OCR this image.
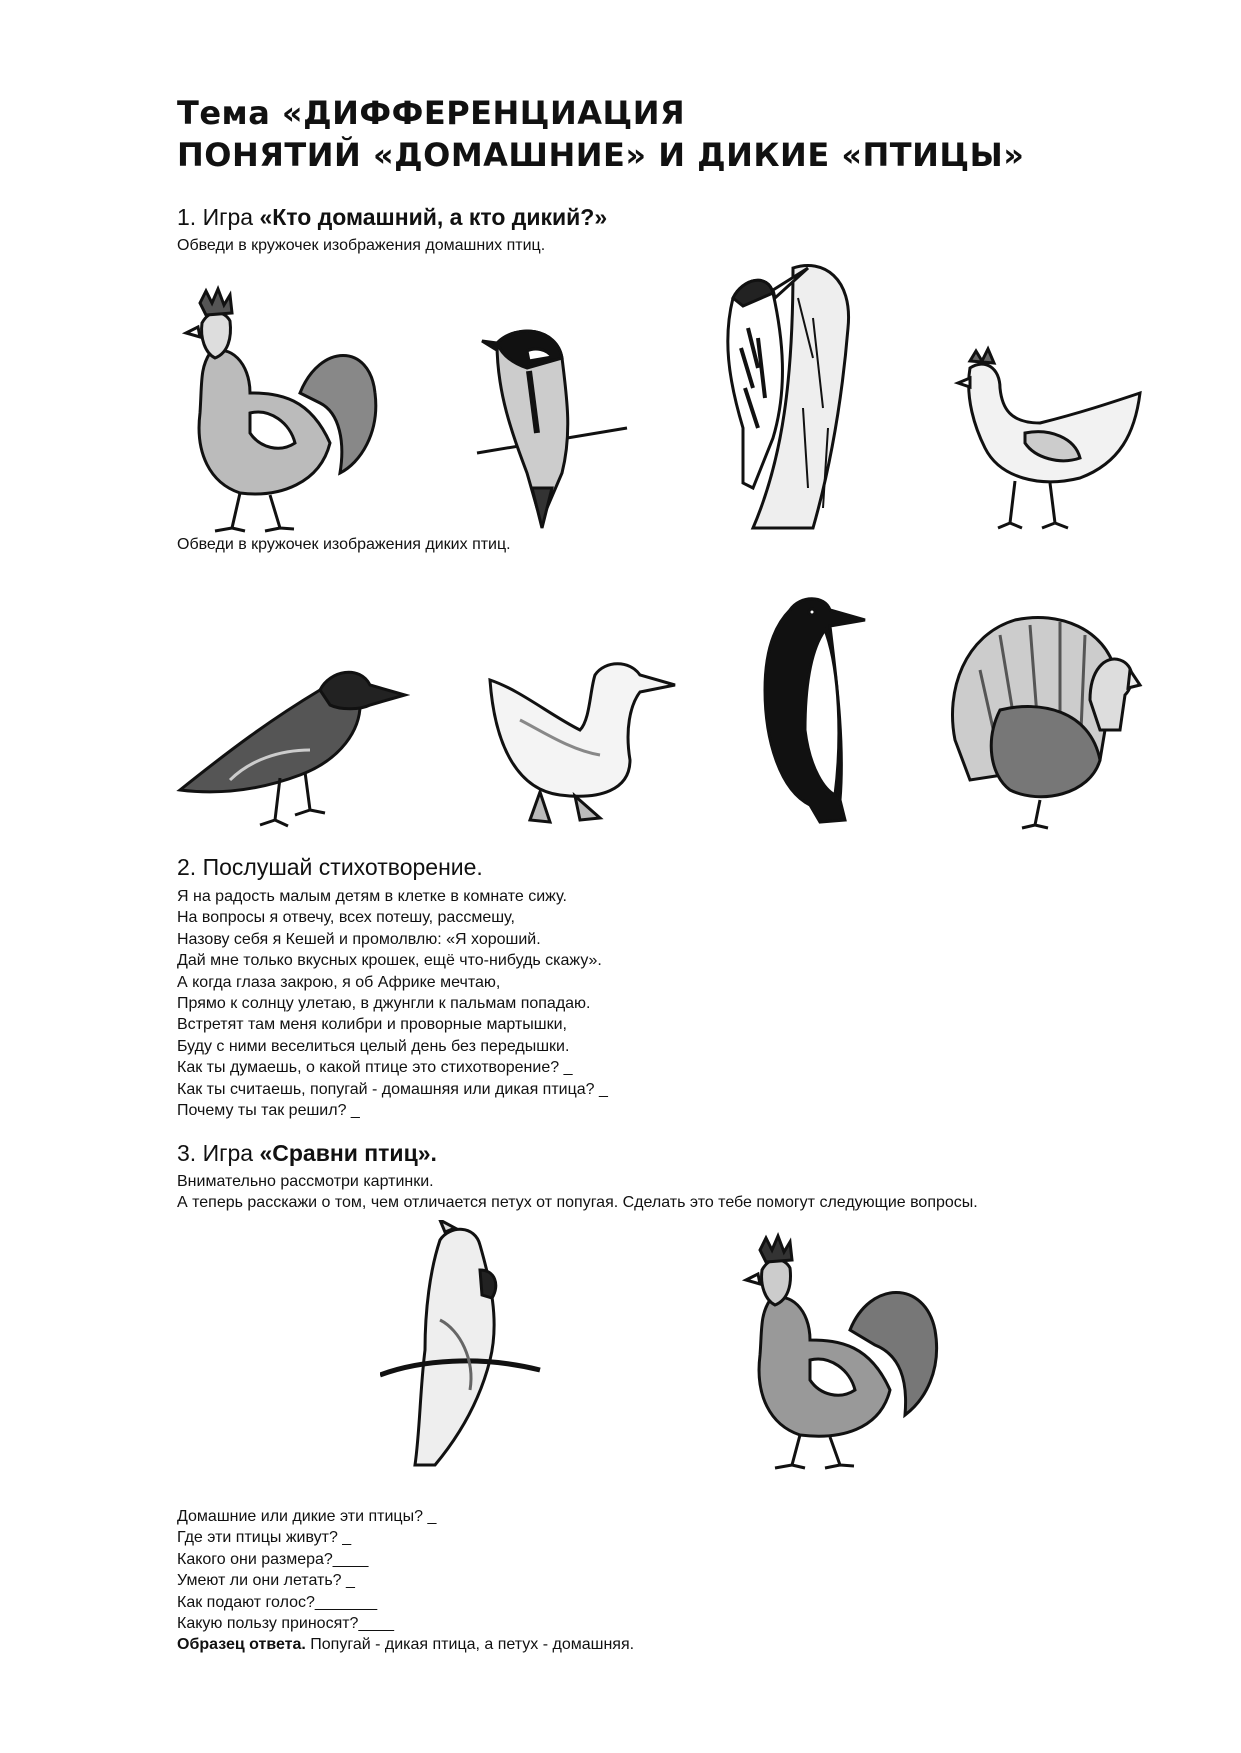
Тема «ДИФФЕРЕНЦИАЦИЯ
ПОНЯТИЙ «ДОМАШНИЕ» И ДИКИЕ «ПТИЦЫ»
1. Игра «Кто домашний, а кто дикий?»

Обведи в кружочек изображения домашних птиц.

Обведи в кружочек изображения диких птиц.

2. Послушай стихотворение.

Я на радость малым детям в клетке в комнате сижу.

На вопросы я отвечу, всех потешу, рассмешу,

Назову себя я Кешей и промолвлю: «Я хороший.

Дай мне только вкусных крошек, ещё что-нибудь скажу».

А когда глаза закрою, я об Африке мечтаю,

Прямо к солнцу улетаю, в джунгли к пальмам попадаю.

Встретят там меня колибри и проворные мартышки,

Буду с ними веселиться целый день без передышки.

Как ты думаешь, о какой птице это стихотворение? _

Как ты считаешь, попугай - домашняя или дикая птица? _

Почему ты так решил? _

3. Игра «Сравни птиц».

Внимательно рассмотри картинки.

А теперь расскажи о том, чем отличается петух от попугая. Сделать это тебе помогут следующие вопросы.

Домашние или дикие эти птицы? _

Где эти птицы живут? _

Какого они размера?____

Умеют ли они летать? _

Как подают голос?_______

Какую пользу приносят?____

Образец ответа. Попугай - дикая птица, а петух - домашняя.
